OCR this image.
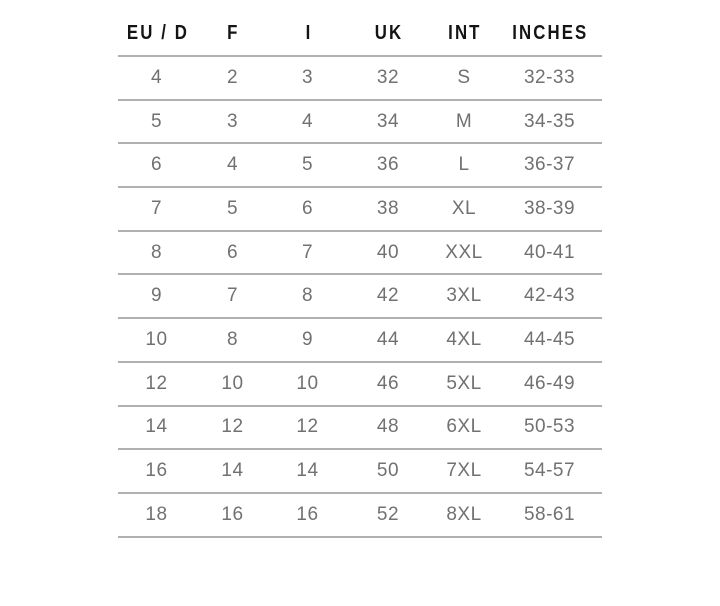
EU / D	F	I	UK	INT	INCHES
4	2	3	32	S	32-33
5	3	4	34	M	34-35
6	4	5	36	L	36-37
7	5	6	38	XL	38-39
8	6	7	40	XXL	40-41
9	7	8	42	3XL	42-43
10	8	9	44	4XL	44-45
12	10	10	46	5XL	46-49
14	12	12	48	6XL	50-53
16	14	14	50	7XL	54-57
18	16	16	52	8XL	58-61
